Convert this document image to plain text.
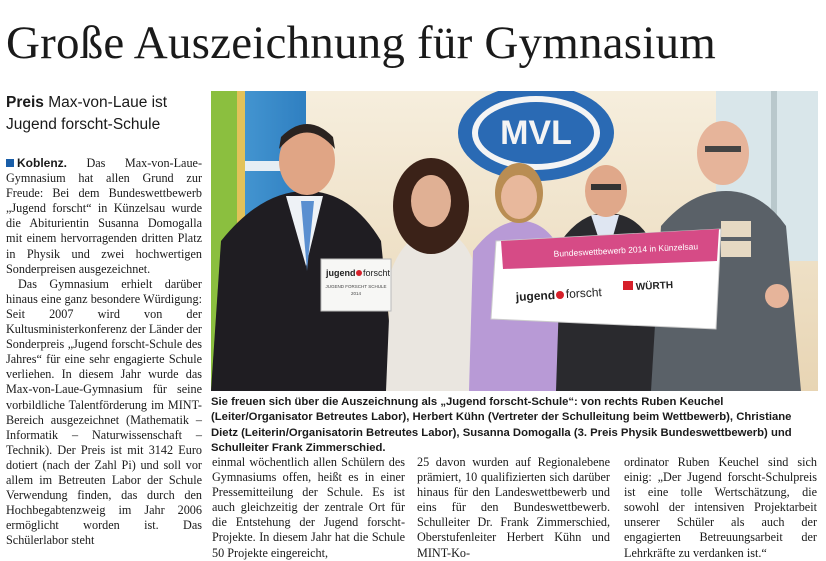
Große Auszeichnung für Gymnasium
Preis Max-von-Laue ist Jugend forscht-Schule

Koblenz. Das Max-von-Laue-Gymnasium hat allen Grund zur Freude: Bei dem Bundeswettbewerb „Jugend forscht“ in Künzelsau wurde die Abiturientin Susanna Domogalla mit einem hervorragenden dritten Platz in Physik und zwei hochwertigen Sonderpreisen ausgezeichnet.

Das Gymnasium erhielt darüber hinaus eine ganz besondere Würdigung: Seit 2007 wird von der Kultusministerkonferenz der Länder der Sonderpreis „Jugend forscht-Schule des Jahres“ für eine sehr engagierte Schule verliehen. In diesem Jahr wurde das Max-von-Laue-Gymnasium für seine vorbildliche Talentförderung im MINT-Bereich ausgezeichnet (Mathematik – Informatik – Naturwissenschaft – Technik). Der Preis ist mit 3142 Euro dotiert (nach der Zahl Pi) und soll vor allem im Betreuten Labor der Schule Verwendung finden, das durch den Hochbegabtenzweig im Jahr 2006 ermöglicht worden ist. Das Schülerlabor steht

MVL
Bundeswettbewerb 2014 in Künzelsau
jugend forscht	WÜRTH
jugend forscht
JUGEND FORSCHT SCHULE
2014
Sie freuen sich über die Auszeichnung als „Jugend forscht-Schule“: von rechts Ruben Keuchel (Leiter/Organisator Betreutes Labor), Herbert Kühn (Vertreter der Schulleitung beim Wettbewerb), Christiane Dietz (Leiterin/Organisatorin Betreutes Labor), Susanna Domogalla (3. Preis Physik Bundeswettbewerb) und Schulleiter Frank Zimmerschied.

einmal wöchentlich allen Schülern des Gymnasiums offen, heißt es in einer Pressemitteilung der Schule. Es ist auch gleichzeitig der zentrale Ort für die Entstehung der Jugend forscht-Projekte. In diesem Jahr hat die Schule 50 Projekte eingereicht,

25 davon wurden auf Regionalebene prämiert, 10 qualifizierten sich darüber hinaus für den Landeswettbewerb und eins für den Bundeswettbewerb. Schulleiter Dr. Frank Zimmerschied, Oberstufenleiter Herbert Kühn und MINT-Ko-

ordinator Ruben Keuchel sind sich einig: „Der Jugend forscht-Schulpreis ist eine tolle Wertschätzung, die sowohl der intensiven Projektarbeit unserer Schüler als auch der engagierten Betreuungsarbeit der Lehrkräfte zu verdanken ist.“
